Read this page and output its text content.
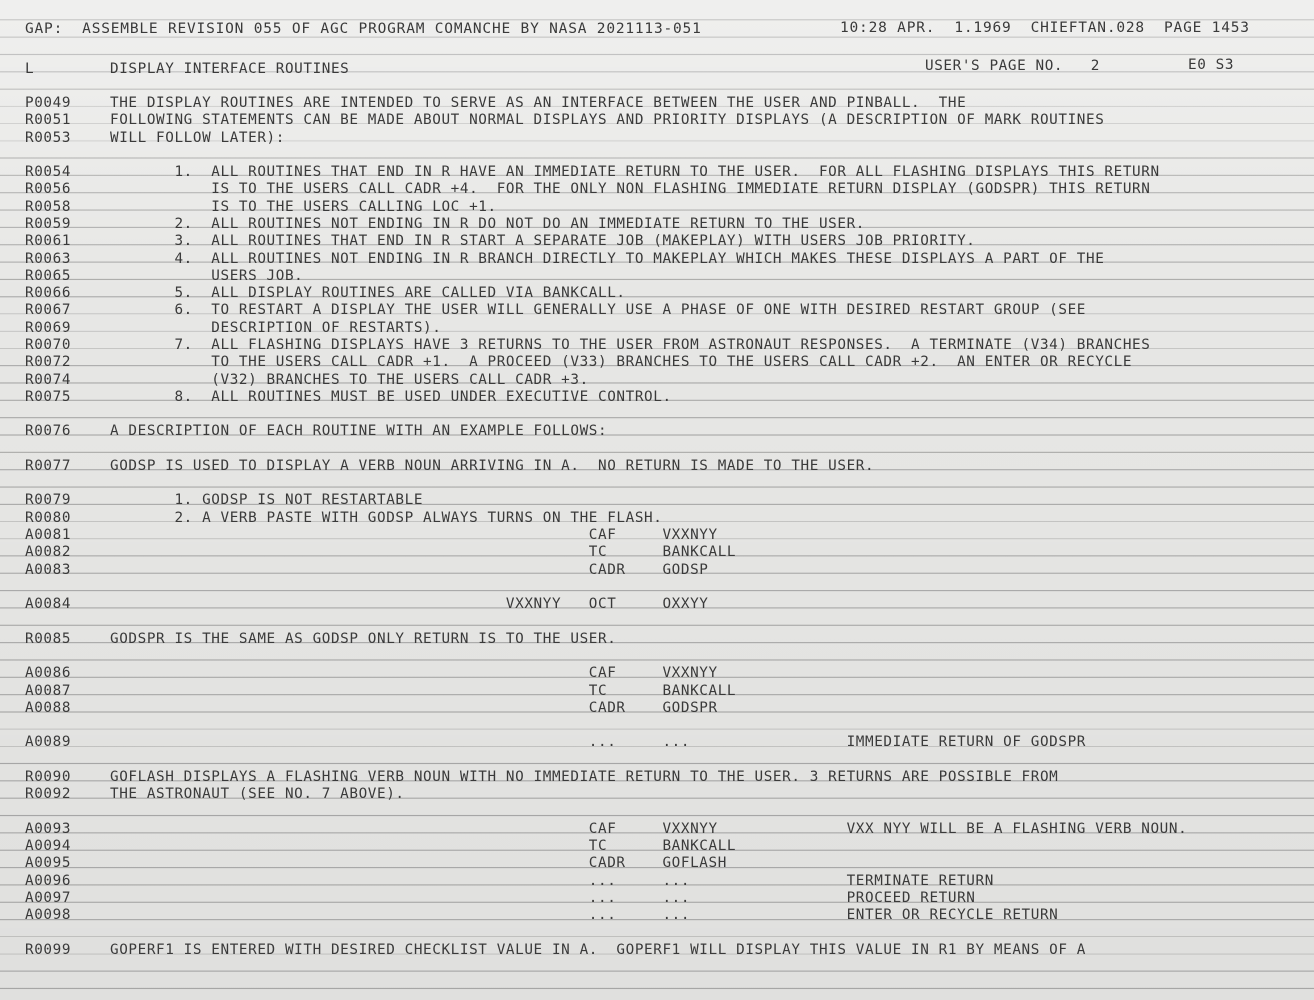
GAP:  ASSEMBLE REVISION 055 OF AGC PROGRAM COMANCHE BY NASA 2021113-051	10:28 APR.  1.1969  CHIEFTAN.028  PAGE 1453
L	DISPLAY INTERFACE ROUTINES	USER'S PAGE NO.   2	E0 S3
P0049	THE DISPLAY ROUTINES ARE INTENDED TO SERVE AS AN INTERFACE BETWEEN THE USER AND PINBALL.  THE
R0051	FOLLOWING STATEMENTS CAN BE MADE ABOUT NORMAL DISPLAYS AND PRIORITY DISPLAYS (A DESCRIPTION OF MARK ROUTINES
R0053	WILL FOLLOW LATER):
R0054	1.  ALL ROUTINES THAT END IN R HAVE AN IMMEDIATE RETURN TO THE USER.  FOR ALL FLASHING DISPLAYS THIS RETURN
R0056	IS TO THE USERS CALL CADR +4.  FOR THE ONLY NON FLASHING IMMEDIATE RETURN DISPLAY (GODSPR) THIS RETURN
R0058	IS TO THE USERS CALLING LOC +1.
R0059	2.  ALL ROUTINES NOT ENDING IN R DO NOT DO AN IMMEDIATE RETURN TO THE USER.
R0061	3.  ALL ROUTINES THAT END IN R START A SEPARATE JOB (MAKEPLAY) WITH USERS JOB PRIORITY.
R0063	4.  ALL ROUTINES NOT ENDING IN R BRANCH DIRECTLY TO MAKEPLAY WHICH MAKES THESE DISPLAYS A PART OF THE
R0065	USERS JOB.
R0066	5.  ALL DISPLAY ROUTINES ARE CALLED VIA BANKCALL.
R0067	6.  TO RESTART A DISPLAY THE USER WILL GENERALLY USE A PHASE OF ONE WITH DESIRED RESTART GROUP (SEE
R0069	DESCRIPTION OF RESTARTS).
R0070	7.  ALL FLASHING DISPLAYS HAVE 3 RETURNS TO THE USER FROM ASTRONAUT RESPONSES.  A TERMINATE (V34) BRANCHES
R0072	TO THE USERS CALL CADR +1.  A PROCEED (V33) BRANCHES TO THE USERS CALL CADR +2.  AN ENTER OR RECYCLE
R0074	(V32) BRANCHES TO THE USERS CALL CADR +3.
R0075	8.  ALL ROUTINES MUST BE USED UNDER EXECUTIVE CONTROL.
R0076	A DESCRIPTION OF EACH ROUTINE WITH AN EXAMPLE FOLLOWS:
R0077	GODSP IS USED TO DISPLAY A VERB NOUN ARRIVING IN A.  NO RETURN IS MADE TO THE USER.
R0079	1. GODSP IS NOT RESTARTABLE
R0080	2. A VERB PASTE WITH GODSP ALWAYS TURNS ON THE FLASH.
A0081	CAF     VXXNYY
A0082	TC      BANKCALL
A0083	CADR    GODSP
A0084	VXXNYY   OCT     OXXYY
R0085	GODSPR IS THE SAME AS GODSP ONLY RETURN IS TO THE USER.
A0086	CAF     VXXNYY
A0087	TC      BANKCALL
A0088	CADR    GODSPR
A0089	...     ...                 IMMEDIATE RETURN OF GODSPR
R0090	GOFLASH DISPLAYS A FLASHING VERB NOUN WITH NO IMMEDIATE RETURN TO THE USER. 3 RETURNS ARE POSSIBLE FROM
R0092	THE ASTRONAUT (SEE NO. 7 ABOVE).
A0093	CAF     VXXNYY              VXX NYY WILL BE A FLASHING VERB NOUN.
A0094	TC      BANKCALL
A0095	CADR    GOFLASH
A0096	...     ...                 TERMINATE RETURN
A0097	...     ...                 PROCEED RETURN
A0098	...     ...                 ENTER OR RECYCLE RETURN
R0099	GOPERF1 IS ENTERED WITH DESIRED CHECKLIST VALUE IN A.  GOPERF1 WILL DISPLAY THIS VALUE IN R1 BY MEANS OF A
